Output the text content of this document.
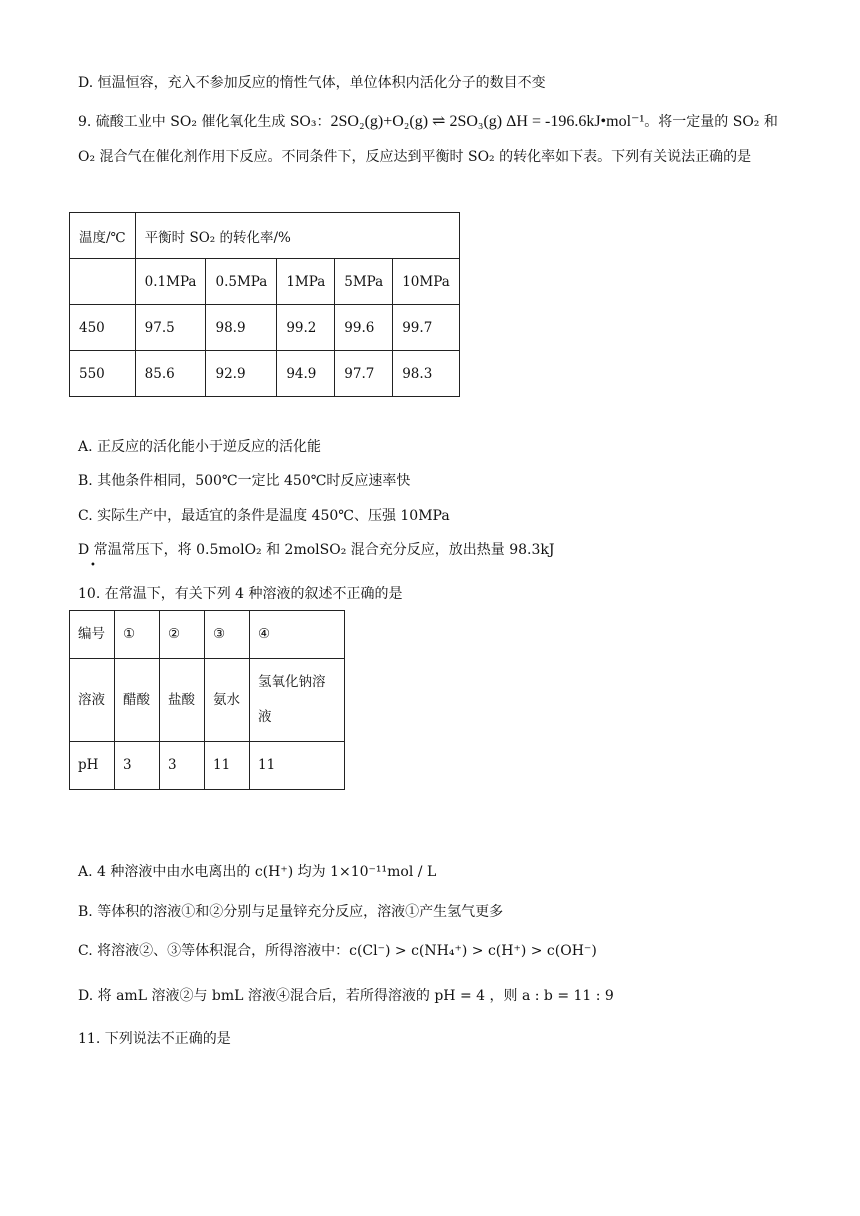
D. 恒温恒容，充入不参加反应的惰性气体，单位体积内活化分子的数目不变
9. 硫酸工业中 SO₂ 催化氧化生成 SO₃：2SO₂(g)+O₂(g) ⇌ 2SO₃(g) ΔH = -196.6kJ•mol⁻¹。将一定量的 SO₂ 和 O₂ 混合气在催化剂作用下反应。不同条件下，反应达到平衡时 SO₂ 的转化率如下表。下列有关说法正确的是
温度/℃	平衡时 SO₂ 的转化率/%				
	0.1MPa	0.5MPa	1MPa	5MPa	10MPa
450	97.5	98.9	99.2	99.6	99.7
550	85.6	92.9	94.9	97.7	98.3
A. 正反应的活化能小于逆反应的活化能
B. 其他条件相同，500℃一定比 450℃时反应速率快
C. 实际生产中，最适宜的条件是温度 450℃、压强 10MPa
D 常温常压下，将 0.5molO₂ 和 2molSO₂ 混合充分反应，放出热量 98.3kJ
•
10. 在常温下，有关下列 4 种溶液的叙述不正确的是
编号	①	②	③	④
溶液	醋酸	盐酸	氨水	氢氧化钠溶液
pH	3	3	11	11
A. 4 种溶液中由水电离出的 c(H⁺) 均为 1×10⁻¹¹mol / L
B. 等体积的溶液①和②分别与足量锌充分反应，溶液①产生氢气更多
C. 将溶液②、③等体积混合，所得溶液中：c(Cl⁻) > c(NH₄⁺) > c(H⁺) > c(OH⁻)
D. 将 amL 溶液②与 bmL 溶液④混合后，若所得溶液的 pH = 4 ，则 a : b = 11 : 9
11. 下列说法不正确的是
